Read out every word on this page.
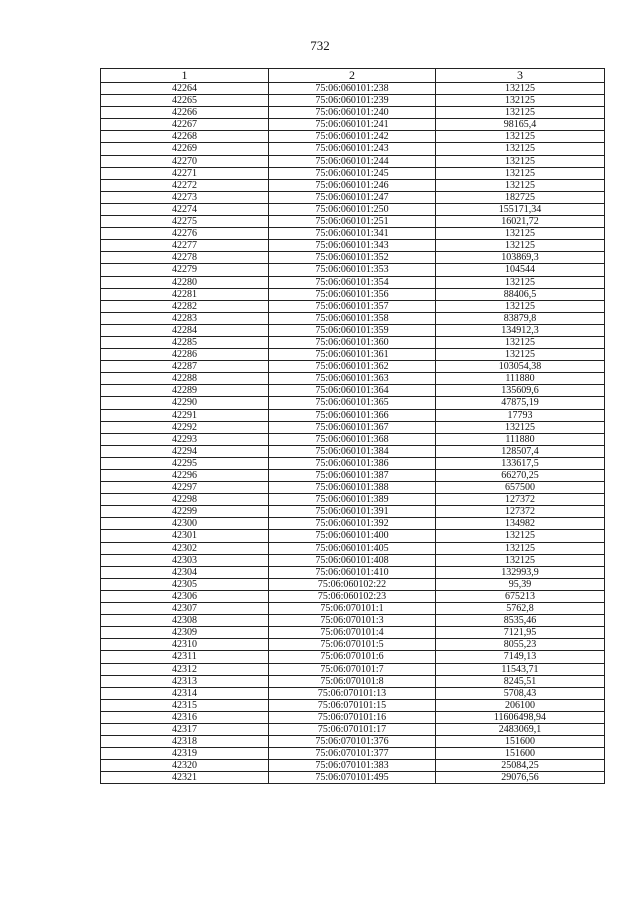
732
1	2	3
42264	75:06:060101:238	132125
42265	75:06:060101:239	132125
42266	75:06:060101:240	132125
42267	75:06:060101:241	98165,4
42268	75:06:060101:242	132125
42269	75:06:060101:243	132125
42270	75:06:060101:244	132125
42271	75:06:060101:245	132125
42272	75:06:060101:246	132125
42273	75:06:060101:247	182725
42274	75:06:060101:250	155171,34
42275	75:06:060101:251	16021,72
42276	75:06:060101:341	132125
42277	75:06:060101:343	132125
42278	75:06:060101:352	103869,3
42279	75:06:060101:353	104544
42280	75:06:060101:354	132125
42281	75:06:060101:356	88406,5
42282	75:06:060101:357	132125
42283	75:06:060101:358	83879,8
42284	75:06:060101:359	134912,3
42285	75:06:060101:360	132125
42286	75:06:060101:361	132125
42287	75:06:060101:362	103054,38
42288	75:06:060101:363	111880
42289	75:06:060101:364	135609,6
42290	75:06:060101:365	47875,19
42291	75:06:060101:366	17793
42292	75:06:060101:367	132125
42293	75:06:060101:368	111880
42294	75:06:060101:384	128507,4
42295	75:06:060101:386	133617,5
42296	75:06:060101:387	66270,25
42297	75:06:060101:388	657500
42298	75:06:060101:389	127372
42299	75:06:060101:391	127372
42300	75:06:060101:392	134982
42301	75:06:060101:400	132125
42302	75:06:060101:405	132125
42303	75:06:060101:408	132125
42304	75:06:060101:410	132993,9
42305	75:06:060102:22	95,39
42306	75:06:060102:23	675213
42307	75:06:070101:1	5762,8
42308	75:06:070101:3	8535,46
42309	75:06:070101:4	7121,95
42310	75:06:070101:5	8055,23
42311	75:06:070101:6	7149,13
42312	75:06:070101:7	11543,71
42313	75:06:070101:8	8245,51
42314	75:06:070101:13	5708,43
42315	75:06:070101:15	206100
42316	75:06:070101:16	11606498,94
42317	75:06:070101:17	2483069,1
42318	75:06:070101:376	151600
42319	75:06:070101:377	151600
42320	75:06:070101:383	25084,25
42321	75:06:070101:495	29076,56
